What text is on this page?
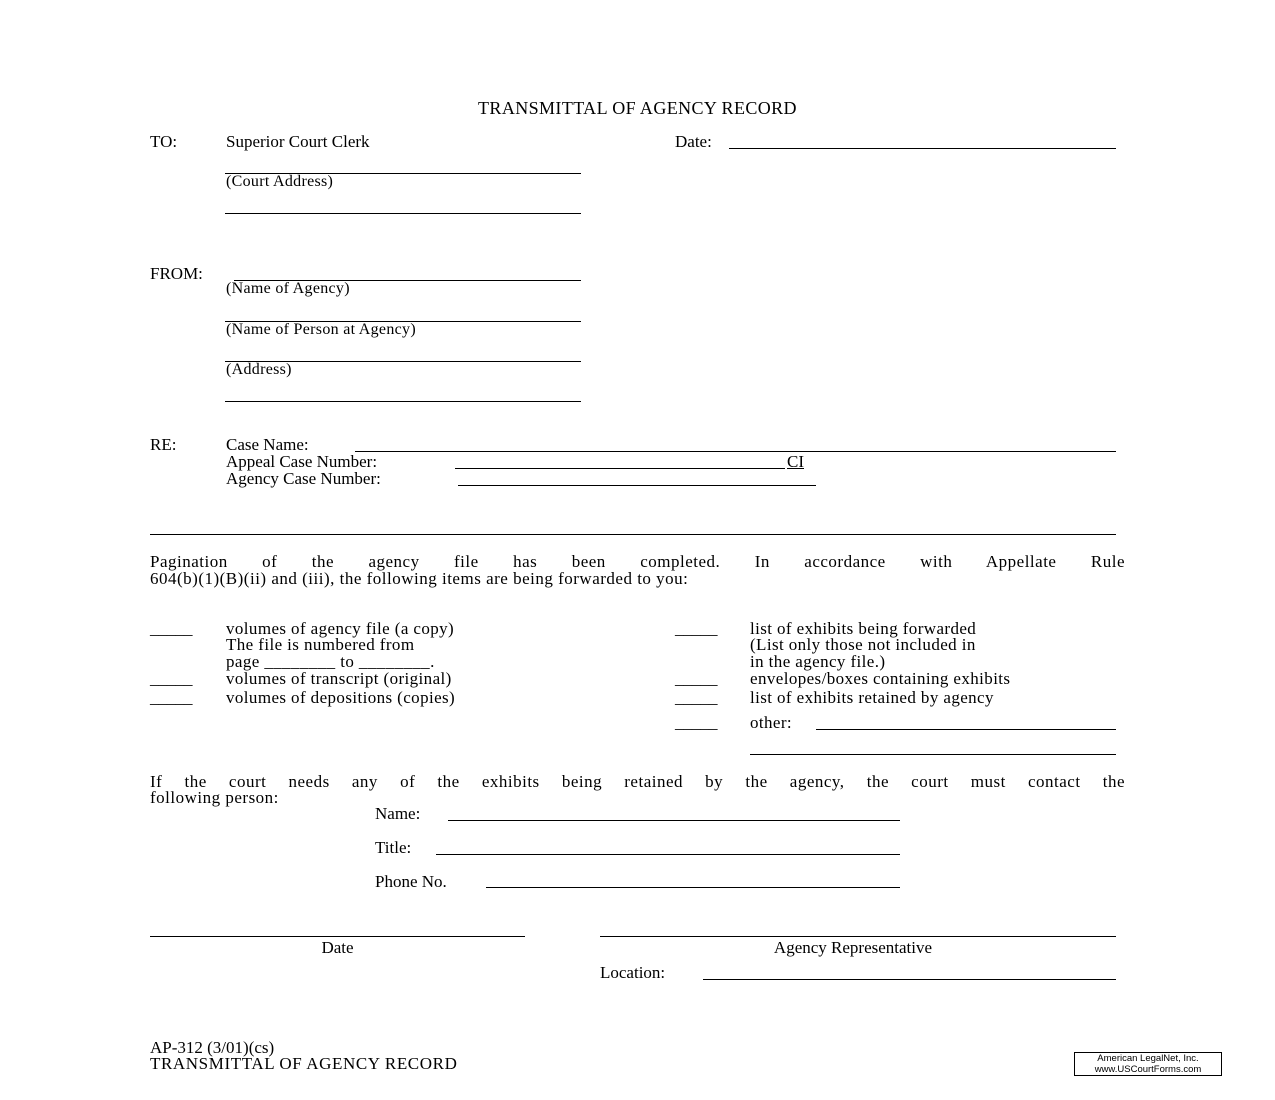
TRANSMITTAL OF AGENCY RECORD
TO:	Superior Court Clerk	Date:
(Court Address)
FROM:
(Name of Agency)
(Name of Person at Agency)
(Address)
RE:	Case Name:
Appeal Case Number:	CI
Agency Case Number:
Pagination of the agency file has been completed. In accordance with Appellate Rule
604(b)(1)(B)(ii) and (iii), the following items are being forwarded to you:
_____ volumes of agency file (a copy)
The file is numbered from
page ________ to ________.
_____ volumes of transcript (original)
_____ volumes of depositions (copies)
_____ list of exhibits being forwarded
(List only those not included in
in the agency file.)
_____ envelopes/boxes containing exhibits
_____ list of exhibits retained by agency
_____ other:
If the court needs any of the exhibits being retained by the agency, the court must contact the
following person:
Name:
Title:
Phone No.
Date	Agency Representative
Location:
AP-312 (3/01)(cs)
TRANSMITTAL OF AGENCY RECORD	American LegalNet, Inc.
www.USCourtForms.com
